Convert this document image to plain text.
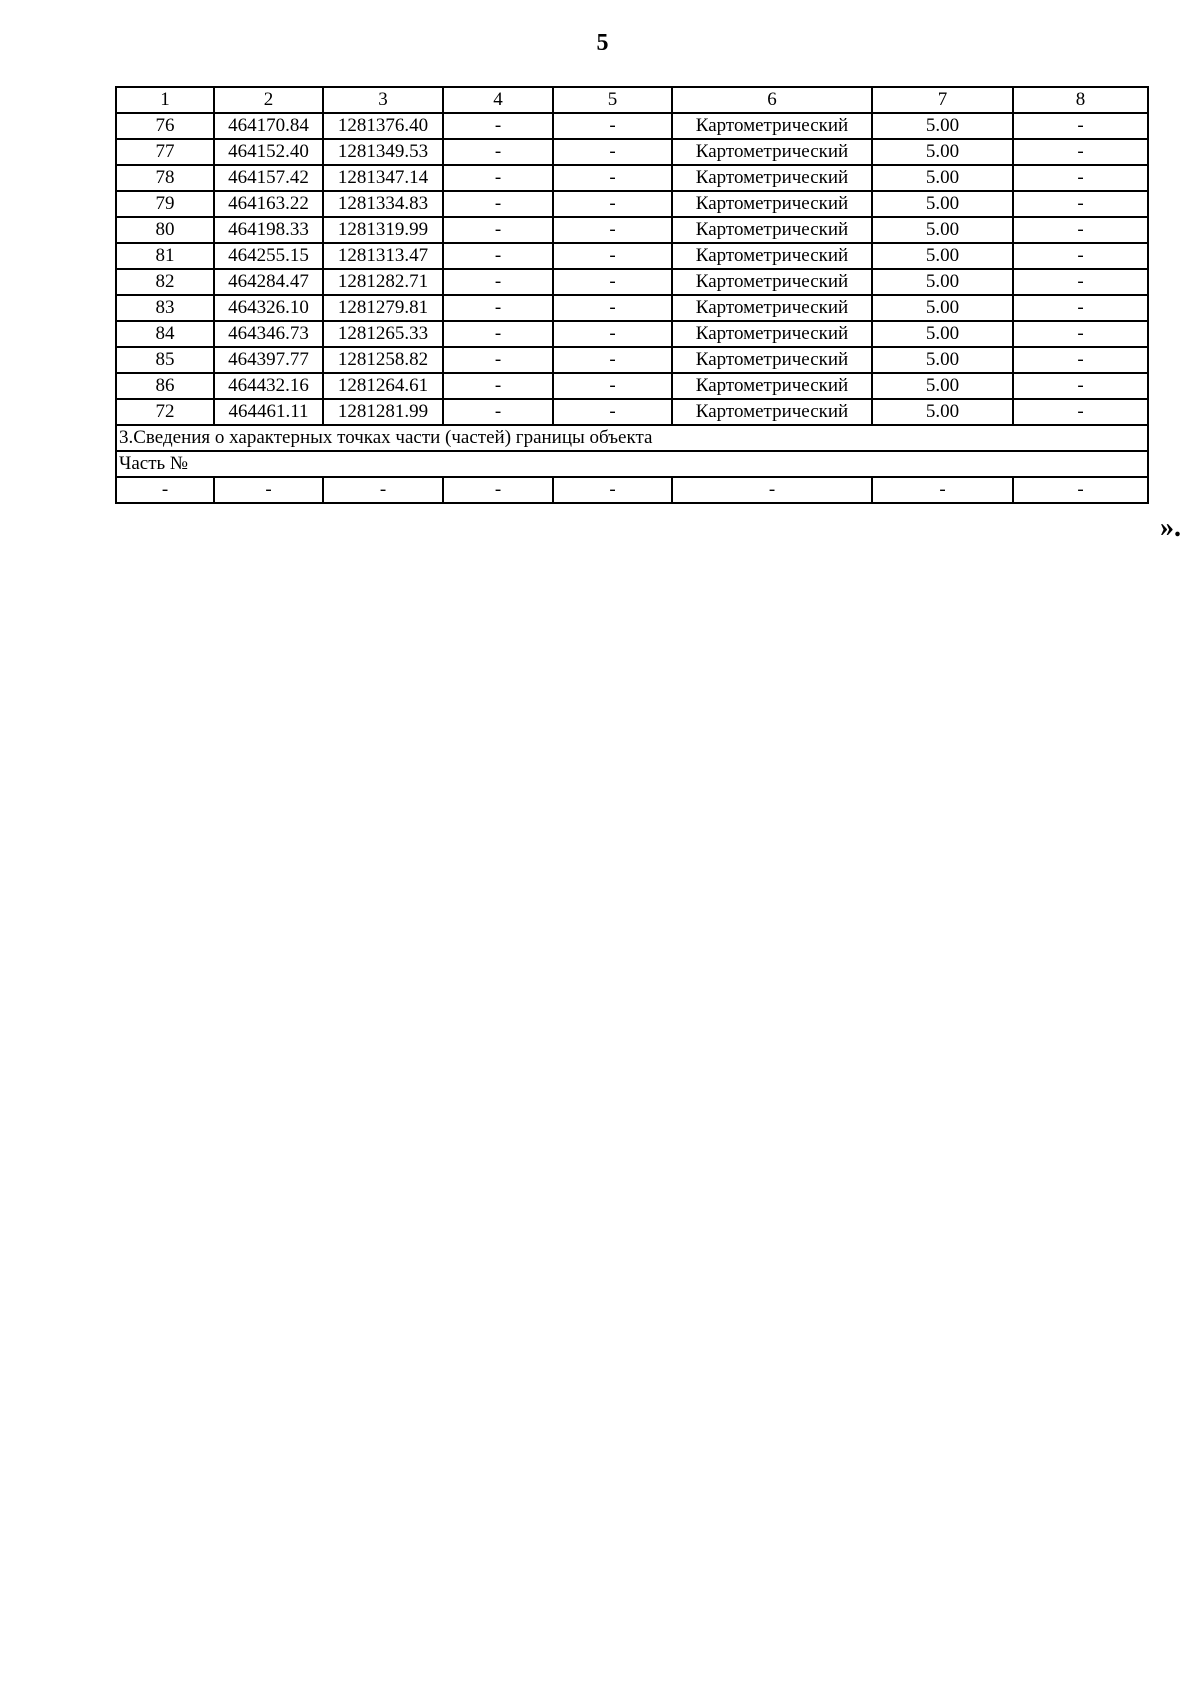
5
1	2	3	4	5	6	7	8
76	464170.84	1281376.40	-	-	Картометрический	5.00	-
77	464152.40	1281349.53	-	-	Картометрический	5.00	-
78	464157.42	1281347.14	-	-	Картометрический	5.00	-
79	464163.22	1281334.83	-	-	Картометрический	5.00	-
80	464198.33	1281319.99	-	-	Картометрический	5.00	-
81	464255.15	1281313.47	-	-	Картометрический	5.00	-
82	464284.47	1281282.71	-	-	Картометрический	5.00	-
83	464326.10	1281279.81	-	-	Картометрический	5.00	-
84	464346.73	1281265.33	-	-	Картометрический	5.00	-
85	464397.77	1281258.82	-	-	Картометрический	5.00	-
86	464432.16	1281264.61	-	-	Картометрический	5.00	-
72	464461.11	1281281.99	-	-	Картометрический	5.00	-
3.Сведения о характерных точках части (частей) границы объекта							
Часть №							
-	-	-	-	-	-	-	-
».
